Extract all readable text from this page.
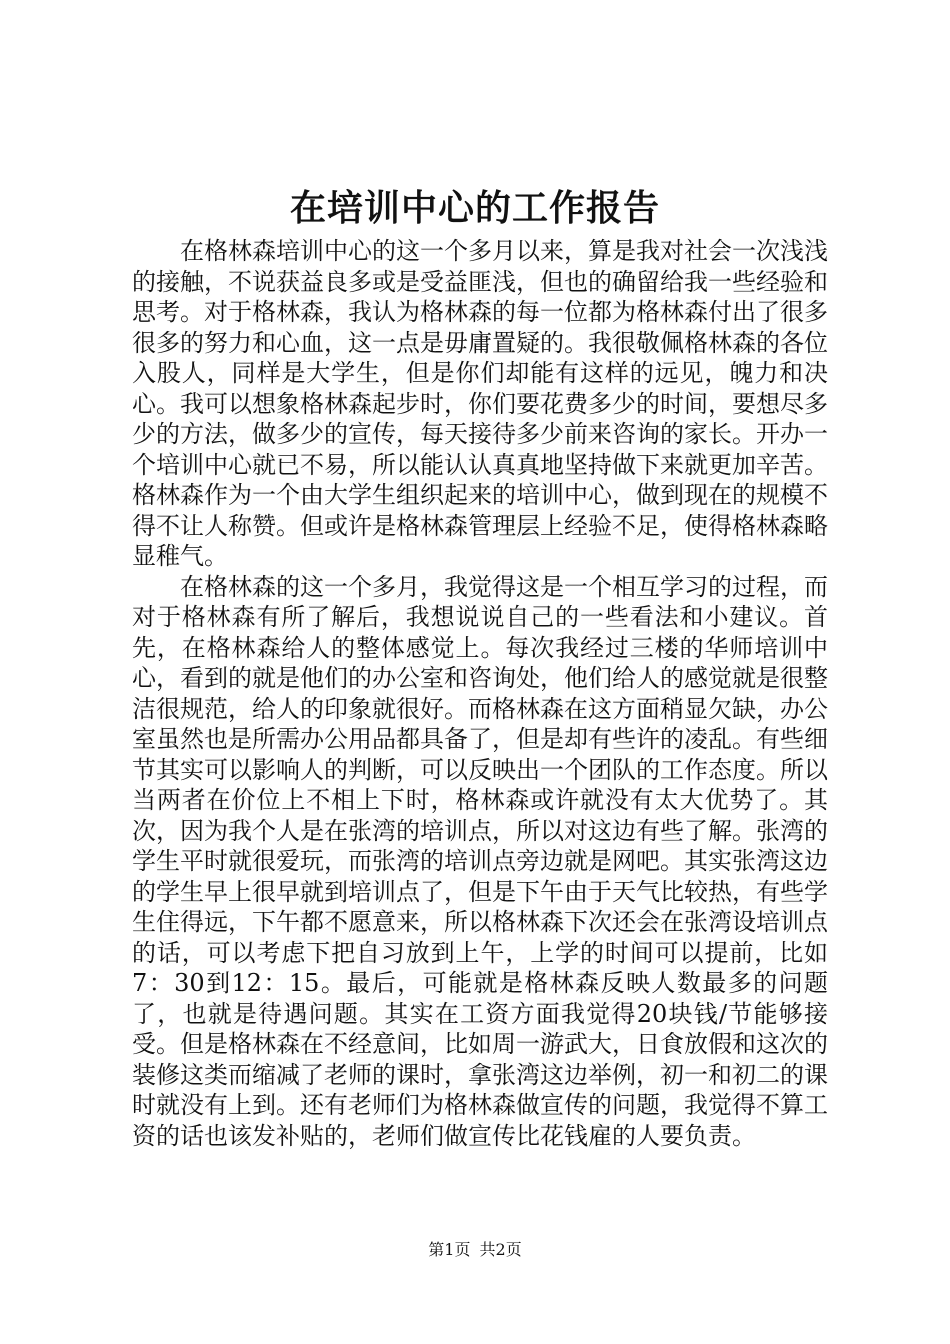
在培训中心的工作报告

在格林森培训中心的这一个多月以来，算是我对社会一次浅浅的接触，不说获益良多或是受益匪浅，但也的确留给我一些经验和思考。对于格林森，我认为格林森的每一位都为格林森付出了很多很多的努力和心血，这一点是毋庸置疑的。我很敬佩格林森的各位入股人，同样是大学生，但是你们却能有这样的远见，魄力和决心。我可以想象格林森起步时，你们要花费多少的时间，要想尽多少的方法，做多少的宣传，每天接待多少前来咨询的家长。开办一个培训中心就已不易，所以能认认真真地坚持做下来就更加辛苦。格林森作为一个由大学生组织起来的培训中心，做到现在的规模不得不让人称赞。但或许是格林森管理层上经验不足，使得格林森略显稚气。

在格林森的这一个多月，我觉得这是一个相互学习的过程，而对于格林森有所了解后，我想说说自己的一些看法和小建议。首先，在格林森给人的整体感觉上。每次我经过三楼的华师培训中心，看到的就是他们的办公室和咨询处，他们给人的感觉就是很整洁很规范，给人的印象就很好。而格林森在这方面稍显欠缺，办公室虽然也是所需办公用品都具备了，但是却有些许的凌乱。有些细节其实可以影响人的判断，可以反映出一个团队的工作态度。所以当两者在价位上不相上下时，格林森或许就没有太大优势了。其次，因为我个人是在张湾的培训点，所以对这边有些了解。张湾的学生平时就很爱玩，而张湾的培训点旁边就是网吧。其实张湾这边的学生早上很早就到培训点了，但是下午由于天气比较热，有些学生住得远，下午都不愿意来，所以格林森下次还会在张湾设培训点的话，可以考虑下把自习放到上午，上学的时间可以提前，比如7：30到12：15。最后，可能就是格林森反映人数最多的问题了，也就是待遇问题。其实在工资方面我觉得20块钱/节能够接受。但是格林森在不经意间，比如周一游武大，日食放假和这次的装修这类而缩减了老师的课时，拿张湾这边举例，初一和初二的课时就没有上到。还有老师们为格林森做宣传的问题，我觉得不算工资的话也该发补贴的，老师们做宣传比花钱雇的人要负责。

第1页 共2页
